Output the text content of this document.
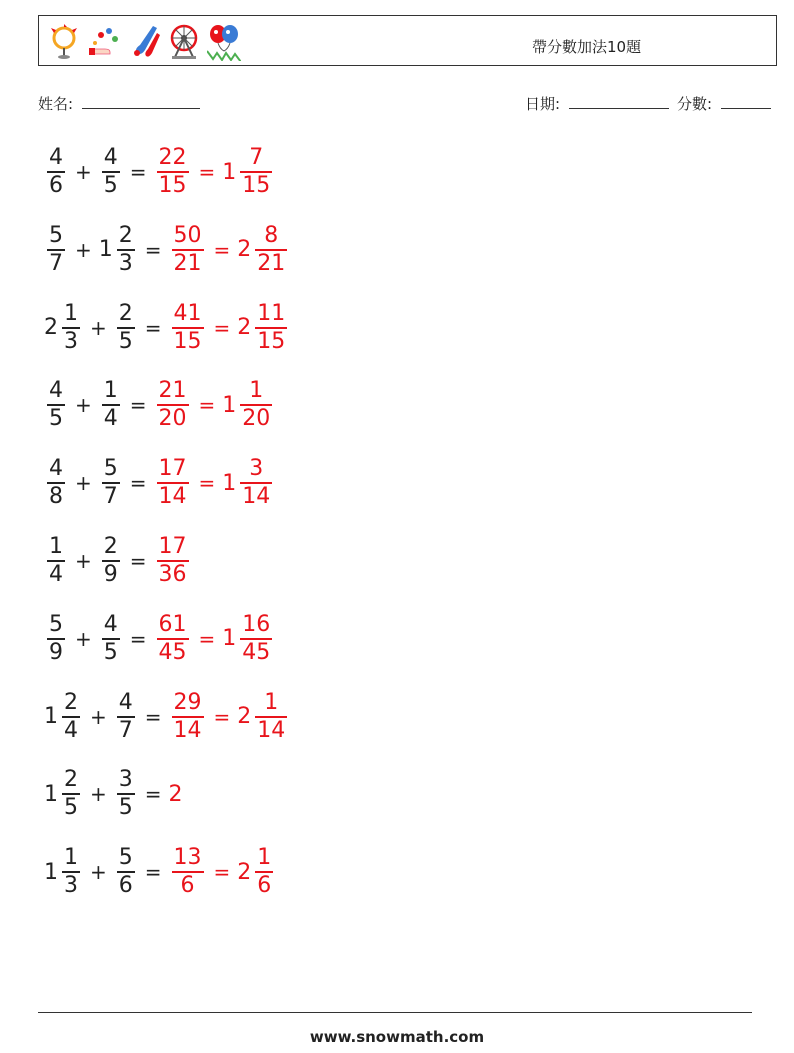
帶分數加法10題
姓名:	日期:	分數:
$\frac{4}{6} + \frac{4}{5} = \frac{22}{15} = 1 \frac{7}{15}$
$\frac{5}{7} + 1 \frac{2}{3} = \frac{50}{21} = 2 \frac{8}{21}$
$2 \frac{1}{3} + \frac{2}{5} = \frac{41}{15} = 2 \frac{11}{15}$
$\frac{4}{5} + \frac{1}{4} = \frac{21}{20} = 1 \frac{1}{20}$
$\frac{4}{8} + \frac{5}{7} = \frac{17}{14} = 1 \frac{3}{14}$
$\frac{1}{4} + \frac{2}{9} = \frac{17}{36}$
$\frac{5}{9} + \frac{4}{5} = \frac{61}{45} = 1 \frac{16}{45}$
$1 \frac{2}{4} + \frac{4}{7} = \frac{29}{14} = 2 \frac{1}{14}$
$1 \frac{2}{5} + \frac{3}{5} = 2$
$1 \frac{1}{3} + \frac{5}{6} = \frac{13}{6} = 2 \frac{1}{6}$
www.snowmath.com
